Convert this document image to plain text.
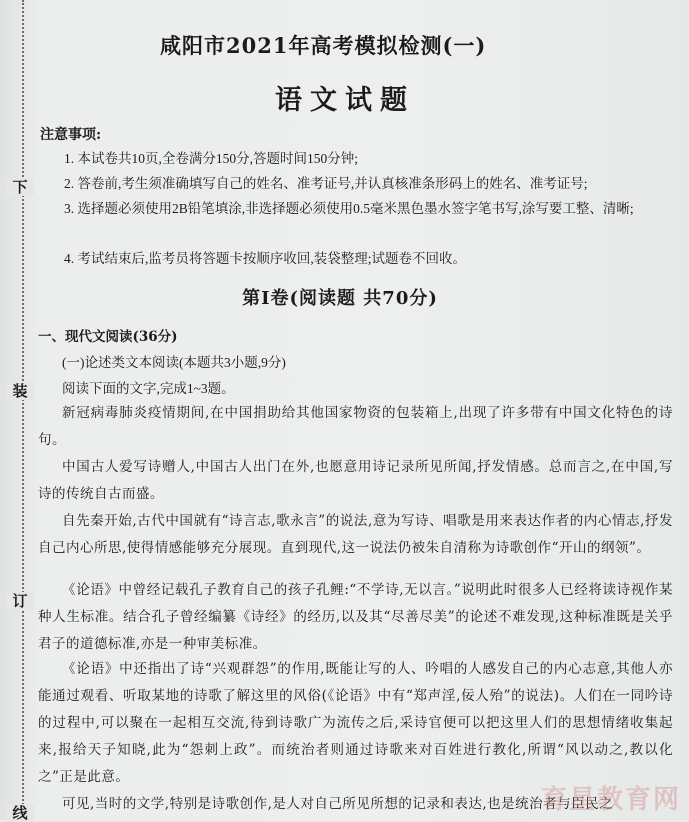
下
装
订
线
咸阳市2021年高考模拟检测(一)
语文试题
注意事项:
1. 本试卷共10页,全卷满分150分,答题时间150分钟;
2. 答卷前,考生须准确填写自己的姓名、准考证号,并认真核准条形码上的姓名、准考证号;
3. 选择题必须使用2B铅笔填涂,非选择题必须使用0.5毫米黑色墨水签字笔书写,涂写要工整、清晰;
4. 考试结束后,监考员将答题卡按顺序收回,装袋整理;试题卷不回收。
第Ⅰ卷(阅读题 共70分)
一、现代文阅读(36分)
(一)论述类文本阅读(本题共3小题,9分)
阅读下面的文字,完成1~3题。
新冠病毒肺炎疫情期间,在中国捐助给其他国家物资的包装箱上,出现了许多带有中国文化特色的诗句。
中国古人爱写诗赠人,中国古人出门在外,也愿意用诗记录所见所闻,抒发情感。总而言之,在中国,写诗的传统自古而盛。
自先秦开始,古代中国就有“诗言志,歌永言”的说法,意为写诗、唱歌是用来表达作者的内心情志,抒发自己内心所思,使得情感能够充分展现。直到现代,这一说法仍被朱自清称为诗歌创作“开山的纲领”。
《论语》中曾经记载孔子教育自己的孩子孔鲤:“不学诗,无以言。”说明此时很多人已经将读诗视作某种人生标准。结合孔子曾经编纂《诗经》的经历,以及其“尽善尽美”的论述不难发现,这种标准既是关乎君子的道德标准,亦是一种审美标准。
《论语》中还指出了诗“兴观群怨”的作用,既能让写的人、吟唱的人感发自己的内心志意,其他人亦能通过观看、听取某地的诗歌了解这里的风俗(《论语》中有“郑声淫,佞人殆”的说法)。人们在一同吟诗的过程中,可以聚在一起相互交流,待到诗歌广为流传之后,采诗官便可以把这里人们的思想情绪收集起来,报给天子知晓,此为“怨刺上政”。而统治者则通过诗歌来对百姓进行教化,所谓“风以动之,教以化之”正是此意。
可见,当时的文学,特别是诗歌创作,是人对自己所见所想的记录和表达,也是统治者与臣民之
育星教育网
